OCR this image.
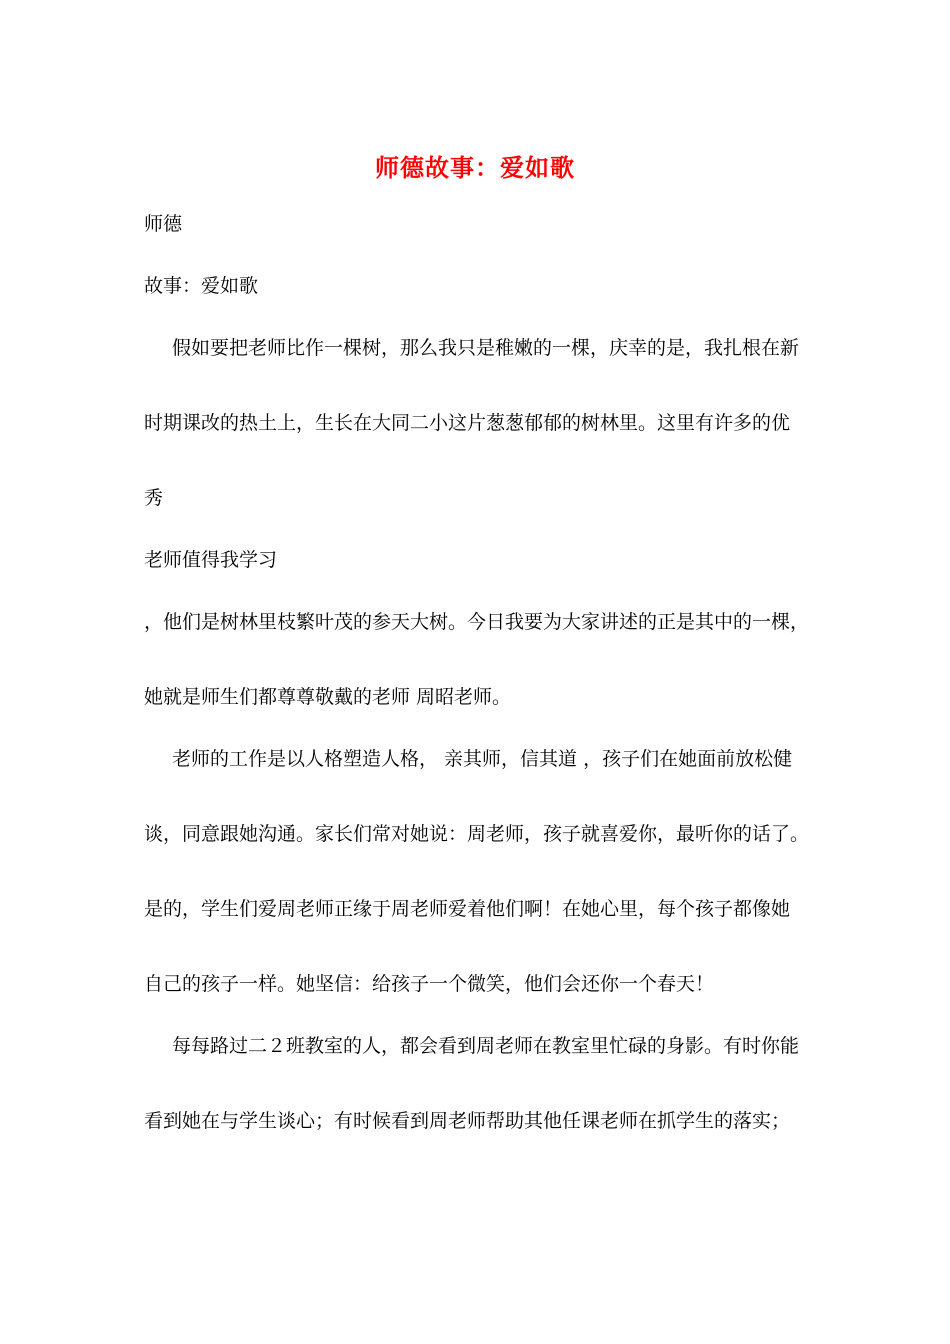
师德故事：爱如歌
师德
故事：爱如歌
假如要把老师比作一棵树，那么我只是稚嫩的一棵，庆幸的是，我扎根在新
时期课改的热土上，生长在大同二小这片葱葱郁郁的树林里。这里有许多的优
秀
老师值得我学习
，他们是树林里枝繁叶茂的参天大树。今日我要为大家讲述的正是其中的一棵，
她就是师生们都尊尊敬戴的老师 周昭老师。
老师的工作是以人格塑造人格， 亲其师，信其道 ，孩子们在她面前放松健
谈，同意跟她沟通。家长们常对她说：周老师，孩子就喜爱你，最听你的话了。
是的，学生们爱周老师正缘于周老师爱着他们啊！在她心里，每个孩子都像她
自己的孩子一样。她坚信：给孩子一个微笑，他们会还你一个春天！
每每路过二２班教室的人，都会看到周老师在教室里忙碌的身影。有时你能
看到她在与学生谈心；有时候看到周老师帮助其他任课老师在抓学生的落实；
